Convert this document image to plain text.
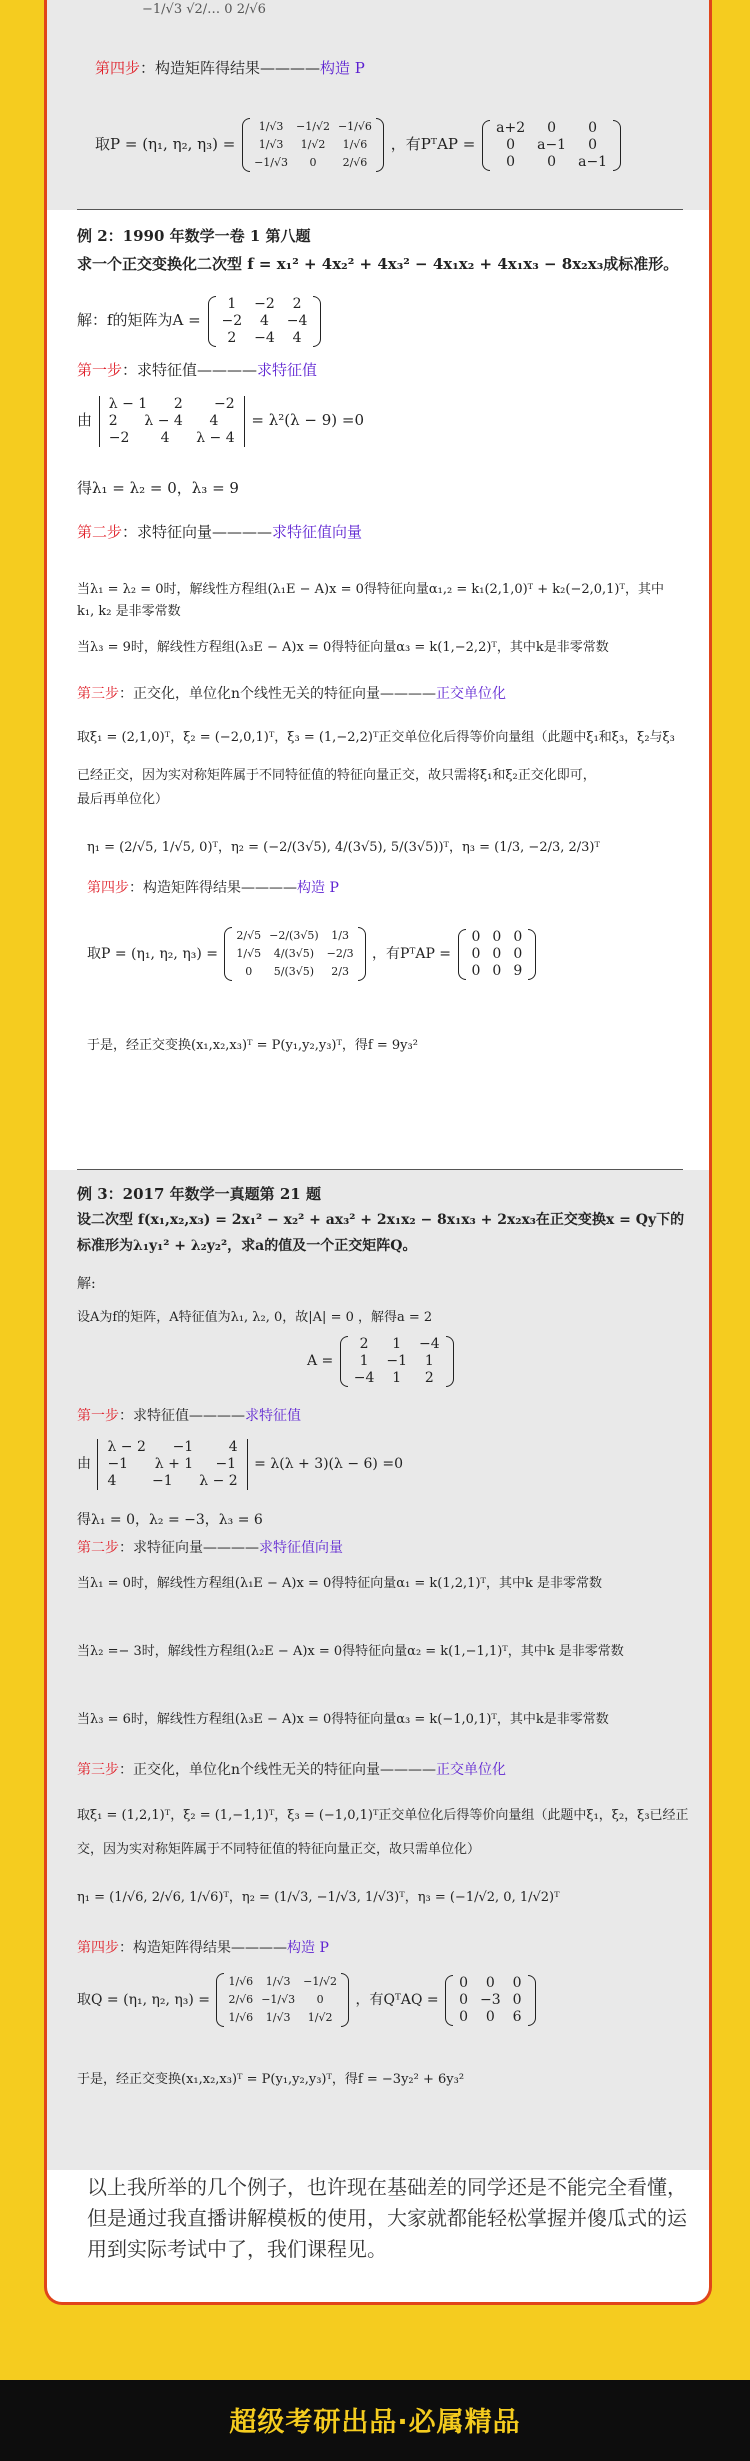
−1/√3 √2/… 0 2/√6
第四步：构造矩阵得结果————构造 P
取P = (η₁, η₂, η₃) =
1/√3	−1/√2	−1/√6
1/√3	1/√2	1/√6
−1/√3	0	2/√6
，有PᵀAP =
a+2	0	0
0	a−1	0
0	0	a−1
例 2：1990 年数学一卷 1 第八题
求一个正交变换化二次型 f = x₁² + 4x₂² + 4x₃² − 4x₁x₂ + 4x₁x₃ − 8x₂x₃成标准形。
解：f的矩阵为A =
1	−2	2
−2	4	−4
2	−4	4
第一步：求特征值————求特征值
由
λ − 1      2       −2
2      λ − 4      4
−2       4      λ − 4
= λ²(λ − 9) =0
得λ₁ = λ₂ = 0，λ₃ = 9
第二步：求特征向量————求特征值向量
当λ₁ = λ₂ = 0时，解线性方程组(λ₁E − A)x = 0得特征向量α₁,₂ = k₁(2,1,0)ᵀ + k₂(−2,0,1)ᵀ，其中
k₁, k₂ 是非零常数
当λ₃ = 9时，解线性方程组(λ₃E − A)x = 0得特征向量α₃ = k(1,−2,2)ᵀ，其中k是非零常数
第三步：正交化，单位化n个线性无关的特征向量————正交单位化
取ξ₁ = (2,1,0)ᵀ，ξ₂ = (−2,0,1)ᵀ，ξ₃ = (1,−2,2)ᵀ正交单位化后得等价向量组（此题中ξ₁和ξ₃，ξ₂与ξ₃
已经正交，因为实对称矩阵属于不同特征值的特征向量正交，故只需将ξ₁和ξ₂正交化即可，
最后再单位化）
η₁ = (2/√5, 1/√5, 0)ᵀ，η₂ = (−2/(3√5), 4/(3√5), 5/(3√5))ᵀ，η₃ = (1/3, −2/3, 2/3)ᵀ
第四步：构造矩阵得结果————构造 P
取P = (η₁, η₂, η₃) =
2/√5	−2/(3√5)	1/3
1/√5	4/(3√5)	−2/3
0	5/(3√5)	2/3
，有PᵀAP =
0	0	0
0	0	0
0	0	9
于是，经正交变换(x₁,x₂,x₃)ᵀ = P(y₁,y₂,y₃)ᵀ，得f = 9y₃²
例 3：2017 年数学一真题第 21 题
设二次型 f(x₁,x₂,x₃) = 2x₁² − x₂² + ax₃² + 2x₁x₂ − 8x₁x₃ + 2x₂x₃在正交变换x = Qy下的
标准形为λ₁y₁² + λ₂y₂²，求a的值及一个正交矩阵Q。
解:
设A为f的矩阵，A特征值为λ₁, λ₂, 0，故|A| = 0 ，解得a = 2
A =
2	1	−4
1	−1	1
−4	1	2
第一步：求特征值————求特征值
由
λ − 2      −1        4
−1      λ + 1     −1
4        −1      λ − 2
= λ(λ + 3)(λ − 6) =0
得λ₁ = 0，λ₂ = −3，λ₃ = 6
第二步：求特征向量————求特征值向量
当λ₁ = 0时，解线性方程组(λ₁E − A)x = 0得特征向量α₁ = k(1,2,1)ᵀ，其中k 是非零常数
当λ₂ =− 3时，解线性方程组(λ₂E − A)x = 0得特征向量α₂ = k(1,−1,1)ᵀ，其中k 是非零常数
当λ₃ = 6时，解线性方程组(λ₃E − A)x = 0得特征向量α₃ = k(−1,0,1)ᵀ，其中k是非零常数
第三步：正交化，单位化n个线性无关的特征向量————正交单位化
取ξ₁ = (1,2,1)ᵀ，ξ₂ = (1,−1,1)ᵀ，ξ₃ = (−1,0,1)ᵀ正交单位化后得等价向量组（此题中ξ₁，ξ₂，ξ₃已经正
交，因为实对称矩阵属于不同特征值的特征向量正交，故只需单位化）
η₁ = (1/√6, 2/√6, 1/√6)ᵀ，η₂ = (1/√3, −1/√3, 1/√3)ᵀ，η₃ = (−1/√2, 0, 1/√2)ᵀ
第四步：构造矩阵得结果————构造 P
取Q = (η₁, η₂, η₃) =
1/√6	1/√3	−1/√2
2/√6	−1/√3	0
1/√6	1/√3	1/√2
，有QᵀAQ =
0	0	0
0	−3	0
0	0	6
于是，经正交变换(x₁,x₂,x₃)ᵀ = P(y₁,y₂,y₃)ᵀ，得f = −3y₂² + 6y₃²
以上我所举的几个例子，也许现在基础差的同学还是不能完全看懂，但是通过我直播讲解模板的使用，大家就都能轻松掌握并傻瓜式的运用到实际考试中了，我们课程见。
超级考研出品·必属精品
